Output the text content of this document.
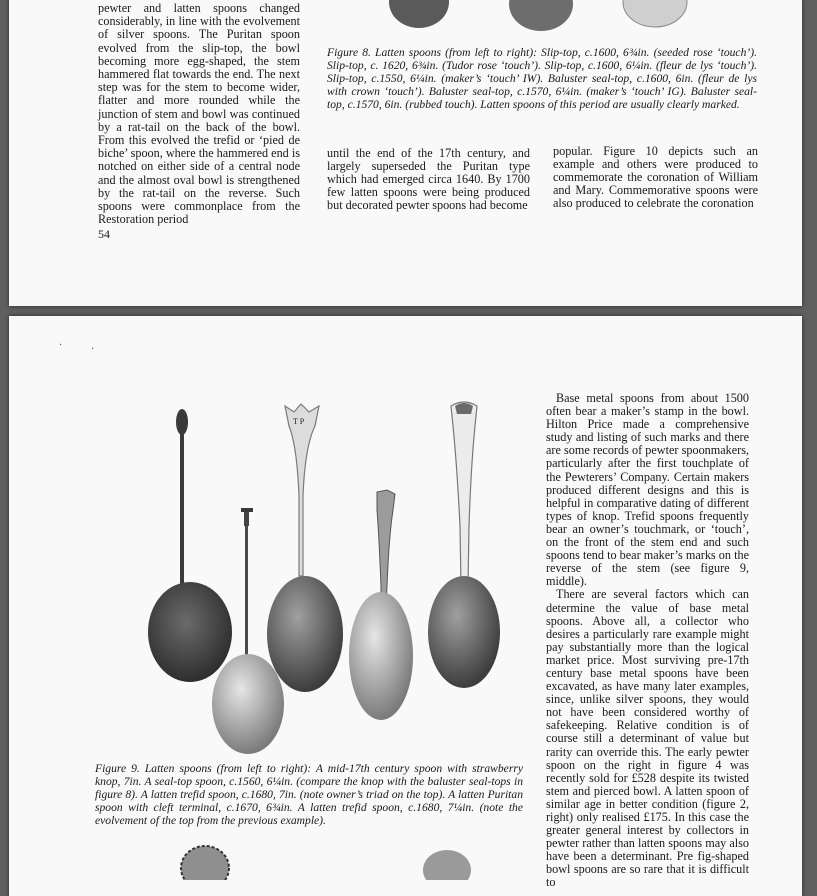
pewter and latten spoons changed considerably, in line with the evolvement of silver spoons. The Puritan spoon evolved from the slip-top, the bowl becoming more egg-shaped, the stem hammered flat towards the end. The next step was for the stem to become wider, flatter and more rounded while the junction of stem and bowl was continued by a rat-tail on the back of the bowl. From this evolved the trefid or ‘pied de biche’ spoon, where the hammered end is notched on either side of a central node and the almost oval bowl is strengthened by the rat-tail on the reverse. Such spoons were commonplace from the Restoration period

Figure 8. Latten spoons (from left to right): Slip-top, c.1600, 6¾in. (seeded rose ‘touch’). Slip-top, c. 1620, 6¾in. (Tudor rose ‘touch’). Slip-top, c.1600, 6¼in. (fleur de lys ‘touch’). Slip-top, c.1550, 6¼in. (maker’s ‘touch’ IW). Baluster seal-top, c.1600, 6in. (fleur de lys with crown ‘touch’). Baluster seal-top, c.1570, 6¼in. (maker’s ‘touch’ IG). Baluster seal-top, c.1570, 6in. (rubbed touch). Latten spoons of this period are usually clearly marked.

until the end of the 17th century, and largely superseded the Puritan type which had emerged circa 1640. By 1700 few latten spoons were being produced but decorated pewter spoons had become

popular. Figure 10 depicts such an example and others were produced to commemorate the coronation of William and Mary. Commemorative spoons were also produced to celebrate the coronation

54
·	·
T P
Figure 9. Latten spoons (from left to right): A mid-17th century spoon with strawberry knop, 7in. A seal-top spoon, c.1560, 6¼in. (compare the knop with the baluster seal-tops in figure 8). A latten trefid spoon, c.1680, 7in. (note owner’s triad on the top). A latten Puritan spoon with cleft terminal, c.1670, 6¾in. A latten trefid spoon, c.1680, 7¼in. (note the evolvement of the top from the previous example).

Base metal spoons from about 1500 often bear a maker’s stamp in the bowl. Hilton Price made a comprehensive study and listing of such marks and there are some records of pewter spoonmakers, particularly after the first touchplate of the Pewterers’ Company. Certain makers produced different designs and this is helpful in comparative dating of different types of knop. Trefid spoons frequently bear an owner’s touchmark, or ‘touch’, on the front of the stem end and such spoons tend to bear maker’s marks on the reverse of the stem (see figure 9, middle).

There are several factors which can determine the value of base metal spoons. Above all, a collector who desires a particularly rare example might pay substantially more than the logical market price. Most surviving pre-17th century base metal spoons have been excavated, as have many later examples, since, unlike silver spoons, they would not have been considered worthy of safekeeping. Relative condition is of course still a determinant of value but rarity can override this. The early pewter spoon on the right in figure 4 was recently sold for £528 despite its twisted stem and pierced bowl. A latten spoon of similar age in better condition (figure 2, right) only realised £175. In this case the greater general interest by collectors in pewter rather than latten spoons may also have been a determinant. Pre fig-shaped bowl spoons are so rare that it is difficult to
